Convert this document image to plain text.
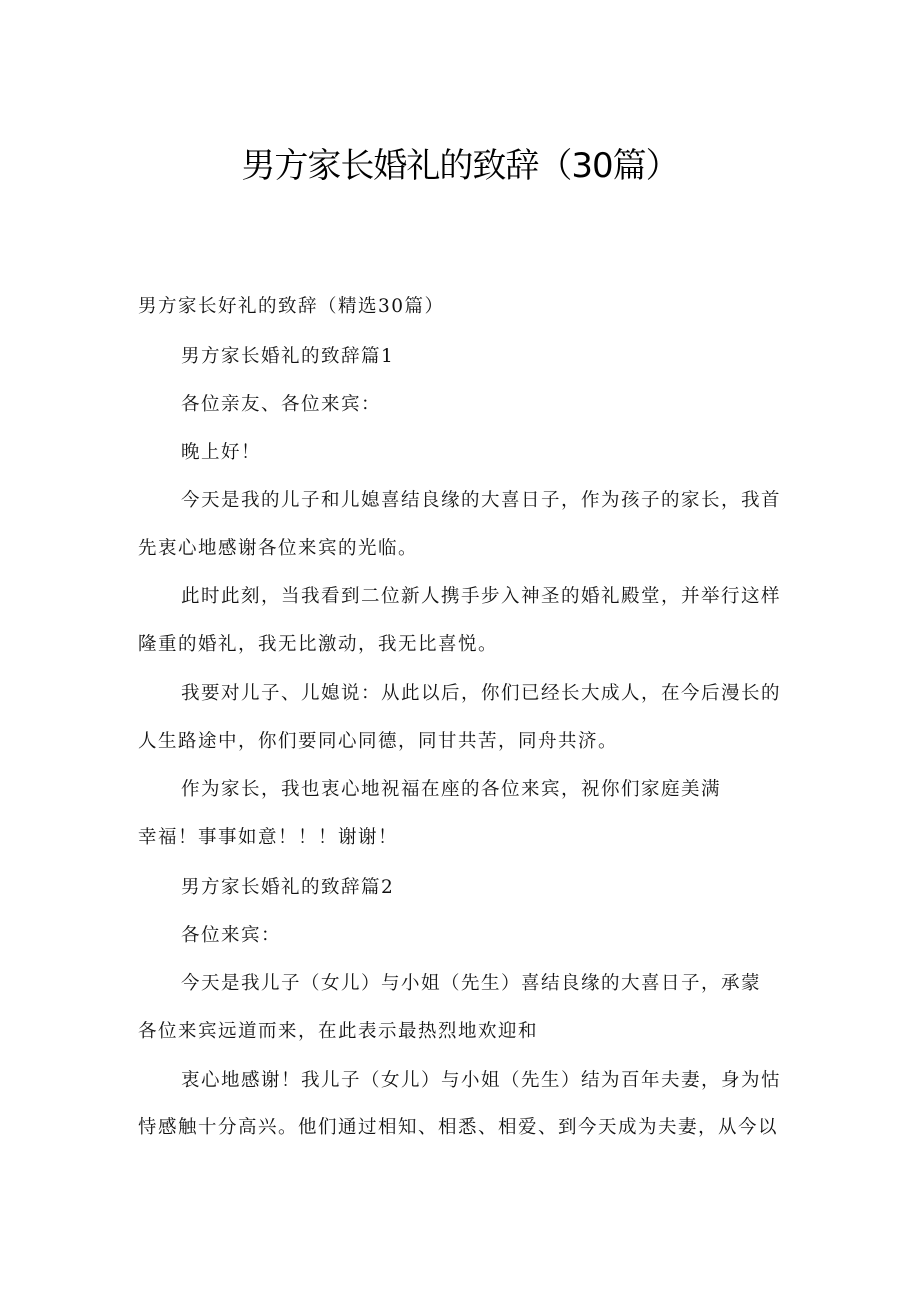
男方家长婚礼的致辞（30篇）
男方家长好礼的致辞（精选30篇）
男方家长婚礼的致辞篇1
各位亲友、各位来宾：
晚上好！
今天是我的儿子和儿媳喜结良缘的大喜日子，作为孩子的家长，我首
先衷心地感谢各位来宾的光临。
此时此刻，当我看到二位新人携手步入神圣的婚礼殿堂，并举行这样
隆重的婚礼，我无比激动，我无比喜悦。
我要对儿子、儿媳说：从此以后，你们已经长大成人，在今后漫长的
人生路途中，你们要同心同德，同甘共苦，同舟共济。
作为家长，我也衷心地祝福在座的各位来宾，祝你们家庭美满
幸福！事事如意！！！谢谢！
男方家长婚礼的致辞篇2
各位来宾：
今天是我儿子（女儿）与小姐（先生）喜结良缘的大喜日子，承蒙
各位来宾远道而来，在此表示最热烈地欢迎和
衷心地感谢！我儿子（女儿）与小姐（先生）结为百年夫妻，身为怙
恃感触十分高兴。他们通过相知、相悉、相爱、到今天成为夫妻，从今以
